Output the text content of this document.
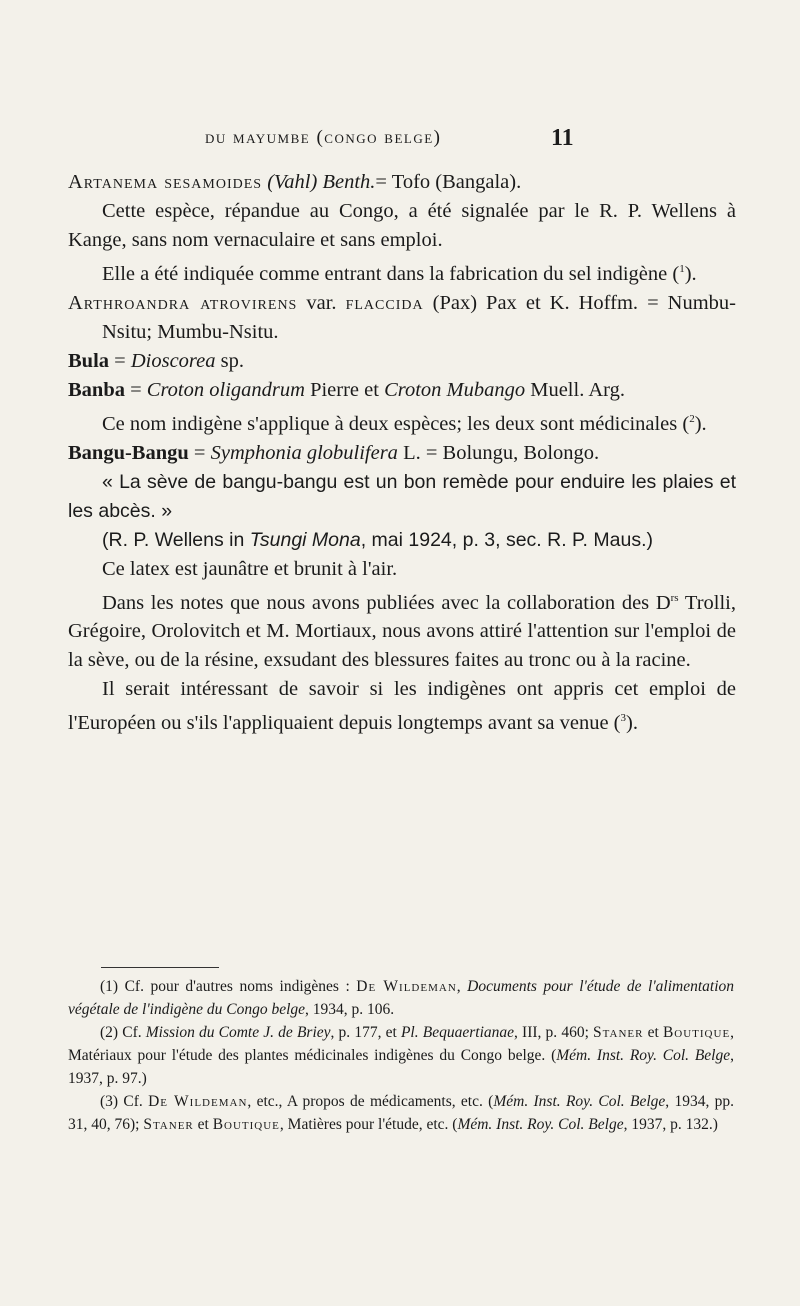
du mayumbe (congo belge)	11

Artanema sesamoides (Vahl) Benth.= Tofo (Bangala).

Cette espèce, répandue au Congo, a été signalée par le R. P. Wellens à Kange, sans nom vernaculaire et sans emploi.

Elle a été indiquée comme entrant dans la fabrication du sel indigène ($^1$).

Arthroandra atrovirens var. flaccida (Pax) Pax et K. Hoffm. = Numbu-Nsitu; Mumbu-Nsitu.

Bula = Dioscorea sp.

Banba = Croton oligandrum Pierre et Croton Mubango Muell. Arg.

Ce nom indigène s'applique à deux espèces; les deux sont médicinales ($^2$).

Bangu-Bangu = Symphonia globulifera L. = Bolungu, Bolongo.

« La sève de bangu-bangu est un bon remède pour enduire les plaies et les abcès. »

(R. P. Wellens in Tsungi Mona, mai 1924, p. 3, sec. R. P. Maus.)

Ce latex est jaunâtre et brunit à l'air.

Dans les notes que nous avons publiées avec la collaboration des $D^{rs}$ Trolli, Grégoire, Orolovitch et M. Mortiaux, nous avons attiré l'attention sur l'emploi de la sève, ou de la résine, exsudant des blessures faites au tronc ou à la racine.

Il serait intéressant de savoir si les indigènes ont appris cet emploi de l'Européen ou s'ils l'appliquaient depuis longtemps avant sa venue ($^3$).

(1) Cf. pour d'autres noms indigènes : De Wildeman, Documents pour l'étude de l'alimentation végétale de l'indigène du Congo belge, 1934, p. 106.

(2) Cf. Mission du Comte J. de Briey, p. 177, et Pl. Bequaertianae, III, p. 460; Staner et Boutique, Matériaux pour l'étude des plantes médicinales indigènes du Congo belge. (Mém. Inst. Roy. Col. Belge, 1937, p. 97.)

(3) Cf. De Wildeman, etc., A propos de médicaments, etc. (Mém. Inst. Roy. Col. Belge, 1934, pp. 31, 40, 76); Staner et Boutique, Matières pour l'étude, etc. (Mém. Inst. Roy. Col. Belge, 1937, p. 132.)
